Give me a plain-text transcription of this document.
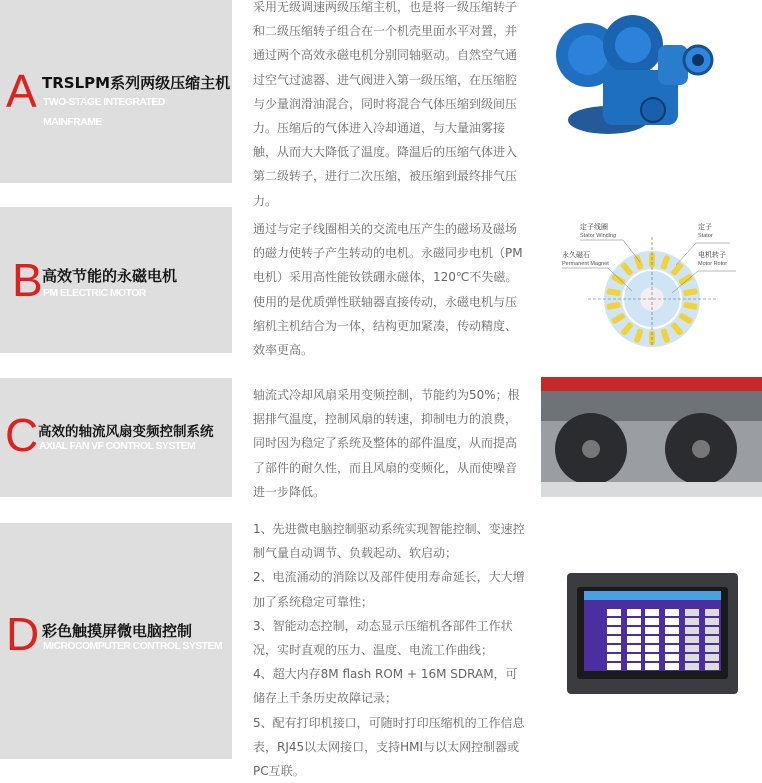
A TRSLPM系列两级压缩主机
TWO-STAGE INTEGRATED
MAINFRAME

采用无级调速两级压缩主机，也是将一级压缩转子和二级压缩转子组合在一个机壳里面水平对置，并通过两个高效永磁电机分别同轴驱动。自然空气通过空气过滤器、进气阀进入第一级压缩，在压缩腔与少量润滑油混合，同时将混合气体压缩到级间压力。压缩后的气体进入冷却通道，与大量油雾接触，从而大大降低了温度。降温后的压缩气体进入第二级转子，进行二次压缩，被压缩到最终排气压力。

B 高效节能的永磁电机
PM ELECTRIC MOTOR

通过与定子线圈相关的交流电压产生的磁场及磁场的磁力使转子产生转动的电机。永磁同步电机（PM电机）采用高性能钕铁硼永磁体，120℃不失磁。使用的是优质弹性联轴器直接传动，永磁电机与压缩机主机结合为一体，结构更加紧凑，传动精度、效率更高。

定子线圈
Stator Winding
定子
Stator
永久磁石
Permanent Magnet
电机转子
Motor Rotor
C 高效的轴流风扇变频控制系统
AXIAL FAN VF CONTROL SYSTEM

轴流式冷却风扇采用变频控制，节能约为50%；根据排气温度，控制风扇的转速，抑制电力的浪费，同时因为稳定了系统及整体的部件温度，从而提高了部件的耐久性，而且风扇的变频化，从而使噪音进一步降低。

D 彩色触摸屏微电脑控制
MICROCOMPUTER CONTROL SYSTEM

1、先进微电脑控制驱动系统实现智能控制、变速控制气量自动调节、负载起动、软启动；

2、电流涌动的消除以及部件使用寿命延长，大大增加了系统稳定可靠性；

3、智能动态控制，动态显示压缩机各部件工作状况，实时直观的压力、温度、电流工作曲线；

4、超大内存8M flash ROM + 16M SDRAM，可储存上千条历史故障记录；

5、配有打印机接口，可随时打印压缩机的工作信息表，RJ45以太网接口，支持HMI与以太网控制器或PC互联。
